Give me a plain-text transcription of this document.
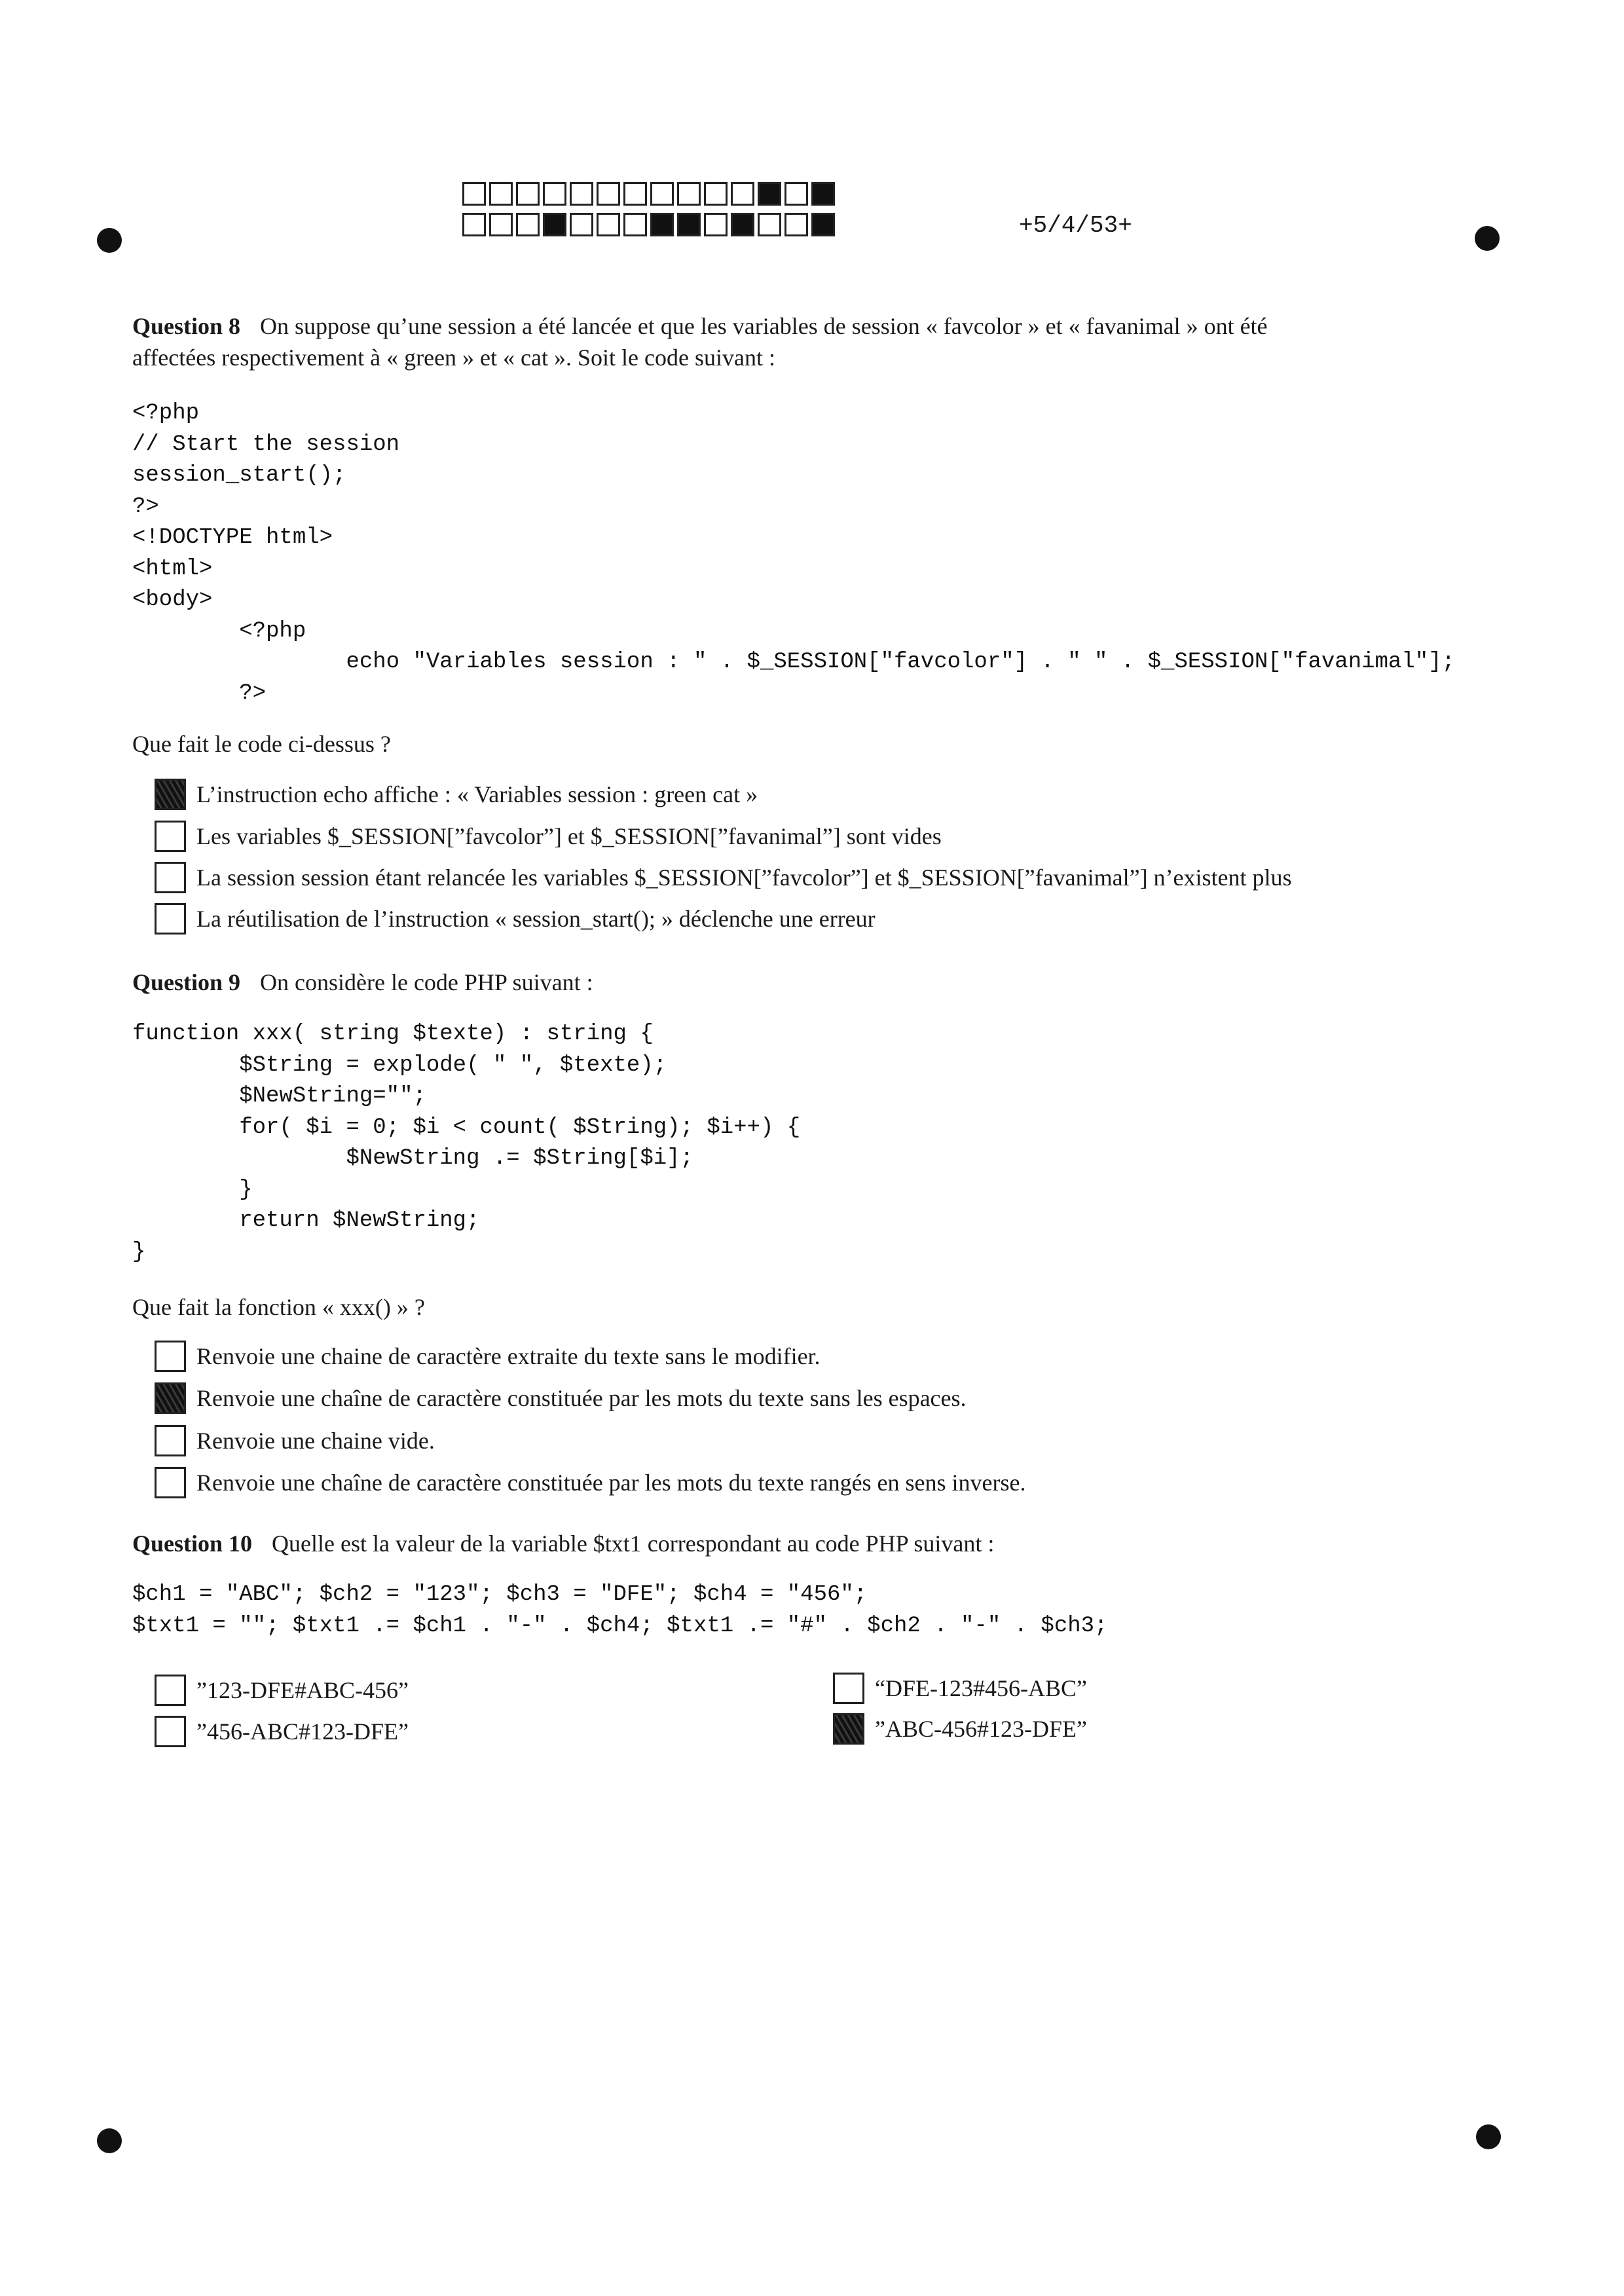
+5/4/53+
Question 8 On suppose qu’une session a été lancée et que les variables de session « favcolor » et « favanimal » ont été
affectées respectivement à « green » et « cat ». Soit le code suivant :
<?php
// Start the session
session_start();
?>
<!DOCTYPE html>
<html>
<body>
<?php
echo "Variables session : " . $_SESSION["favcolor"] . " " . $_SESSION["favanimal"];
?>
Que fait le code ci-dessus ?
L’instruction echo affiche : « Variables session : green cat »
Les variables $_SESSION[”favcolor”] et $_SESSION[”favanimal”] sont vides
La session session étant relancée les variables $_SESSION[”favcolor”] et $_SESSION[”favanimal”] n’existent plus
La réutilisation de l’instruction « session_start(); » déclenche une erreur
Question 9 On considère le code PHP suivant :
function xxx( string $texte) : string {
$String = explode( " ", $texte);
$NewString="";
for( $i = 0; $i < count( $String); $i++) {
$NewString .= $String[$i];
}
return $NewString;
}
Que fait la fonction « xxx() » ?
Renvoie une chaine de caractère extraite du texte sans le modifier.
Renvoie une chaîne de caractère constituée par les mots du texte sans les espaces.
Renvoie une chaine vide.
Renvoie une chaîne de caractère constituée par les mots du texte rangés en sens inverse.
Question 10 Quelle est la valeur de la variable $txt1 correspondant au code PHP suivant :
$ch1 = "ABC"; $ch2 = "123"; $ch3 = "DFE"; $ch4 = "456";
$txt1 = ""; $txt1 .= $ch1 . "-" . $ch4; $txt1 .= "#" . $ch2 . "-" . $ch3;
”123-DFE#ABC-456”	“DFE-123#456-ABC”
”456-ABC#123-DFE”	”ABC-456#123-DFE”
